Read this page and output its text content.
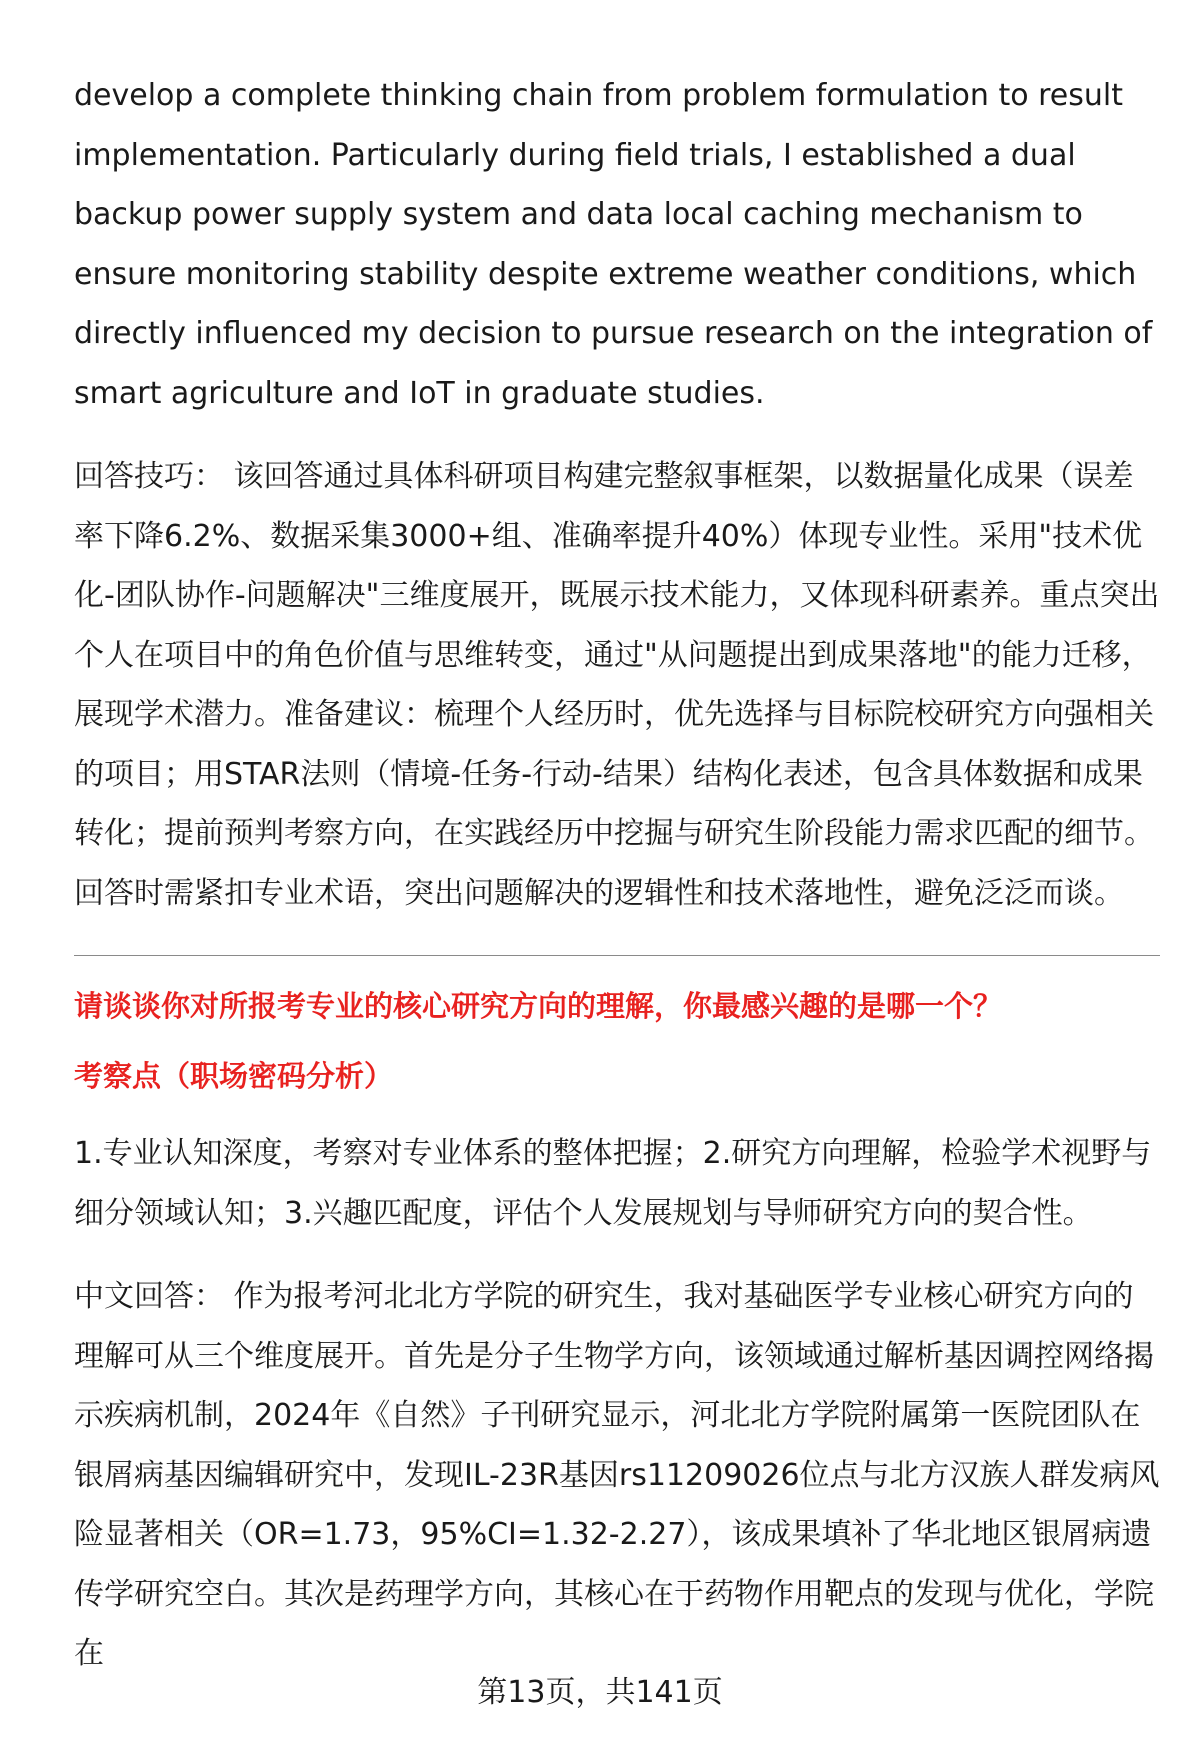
develop a complete thinking chain from problem formulation to result implementation. Particularly during field trials, I established a dual backup power supply system and data local caching mechanism to ensure monitoring stability despite extreme weather conditions, which directly influenced my decision to pursue research on the integration of smart agriculture and IoT in graduate studies.

回答技巧： 该回答通过具体科研项目构建完整叙事框架，以数据量化成果（误差率下降6.2%、数据采集3000+组、准确率提升40%）体现专业性。采用"技术优化-团队协作-问题解决"三维度展开，既展示技术能力，又体现科研素养。重点突出个人在项目中的角色价值与思维转变，通过"从问题提出到成果落地"的能力迁移，展现学术潜力。准备建议：梳理个人经历时，优先选择与目标院校研究方向强相关的项目；用STAR法则（情境-任务-行动-结果）结构化表述，包含具体数据和成果转化；提前预判考察方向，在实践经历中挖掘与研究生阶段能力需求匹配的细节。回答时需紧扣专业术语，突出问题解决的逻辑性和技术落地性，避免泛泛而谈。

请谈谈你对所报考专业的核心研究方向的理解，你最感兴趣的是哪一个？

考察点（职场密码分析）

1.专业认知深度，考察对专业体系的整体把握；2.研究方向理解，检验学术视野与细分领域认知；3.兴趣匹配度，评估个人发展规划与导师研究方向的契合性。

中文回答： 作为报考河北北方学院的研究生，我对基础医学专业核心研究方向的理解可从三个维度展开。首先是分子生物学方向，该领域通过解析基因调控网络揭示疾病机制，2024年《自然》子刊研究显示，河北北方学院附属第一医院团队在银屑病基因编辑研究中，发现IL-23R基因rs11209026位点与北方汉族人群发病风险显著相关（OR=1.73，95%CI=1.32-2.27），该成果填补了华北地区银屑病遗传学研究空白。其次是药理学方向，其核心在于药物作用靶点的发现与优化，学院在

第13页，共141页
